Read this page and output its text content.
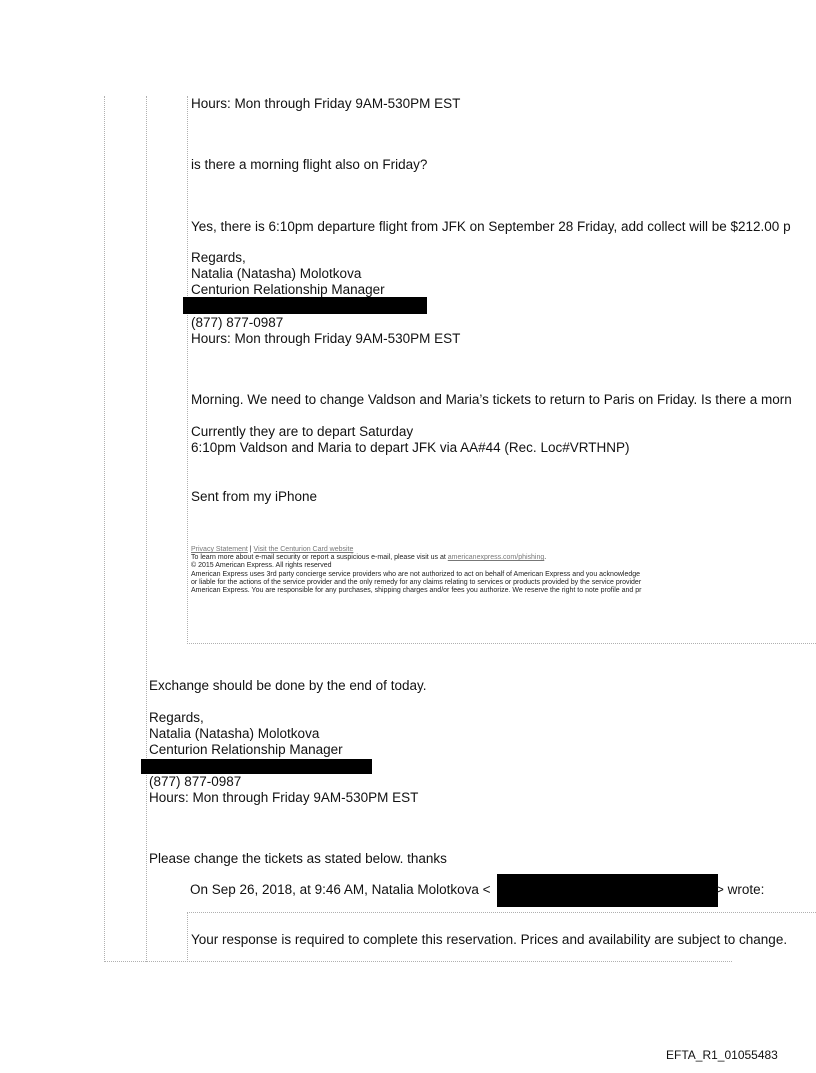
Hours: Mon through Friday 9AM-530PM EST
is there a morning flight also on Friday?
Yes, there is 6:10pm departure flight from JFK on September 28 Friday, add collect will be $212.00 p
Regards,
Natalia (Natasha) Molotkova
Centurion Relationship Manager
(877) 877-0987
Hours: Mon through Friday 9AM-530PM EST
Morning. We need to change Valdson and Maria’s tickets to return to Paris on Friday. Is there a morn
Currently they are to depart Saturday
6:10pm Valdson and Maria to depart JFK via AA#44 (Rec. Loc#VRTHNP)
Sent from my iPhone
Privacy Statement | Visit the Centurion Card website
To learn more about e-mail security or report a suspicious e-mail, please visit us at americanexpress.com/phishing.
© 2015 American Express. All rights reserved
American Express uses 3rd party concierge service providers who are not authorized to act on behalf of American Express and you acknowledge
or liable for the actions of the service provider and the only remedy for any claims relating to services or products provided by the service provider
American Express. You are responsible for any purchases, shipping charges and/or fees you authorize. We reserve the right to note profile and pr
Exchange should be done by the end of today.
Regards,
Natalia (Natasha) Molotkova
Centurion Relationship Manager
(877) 877-0987
Hours: Mon through Friday 9AM-530PM EST
Please change the tickets as stated below. thanks
On Sep 26, 2018, at 9:46 AM, Natalia Molotkova <	> wrote:
Your response is required to complete this reservation. Prices and availability are subject to change.
EFTA_R1_01055483
